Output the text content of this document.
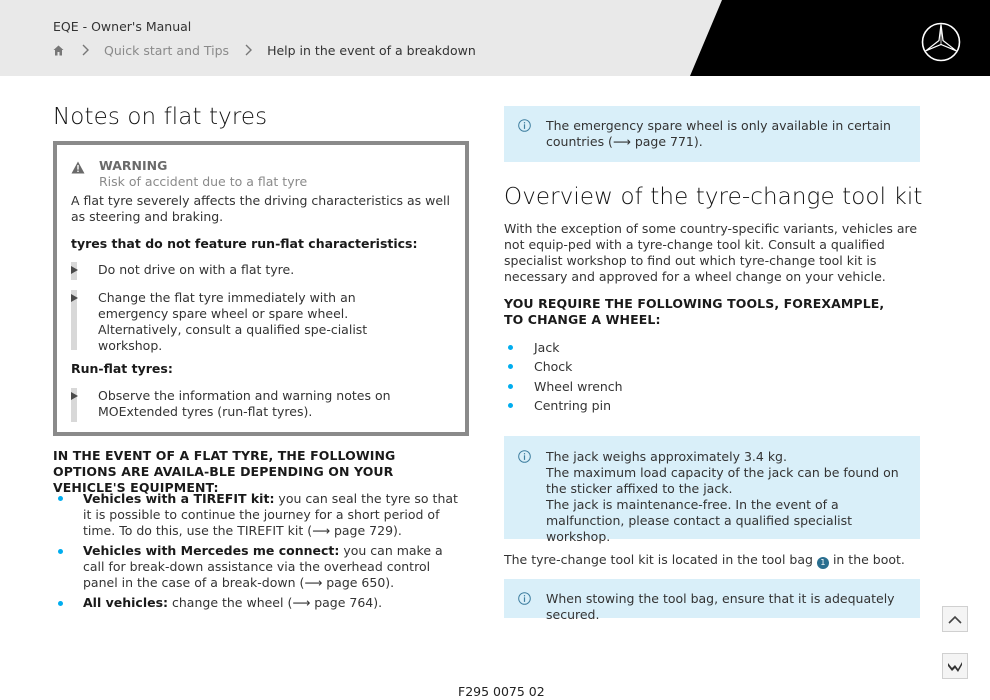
EQE - Owner's Manual
Quick start and Tips	Help in the event of a breakdown
Notes on flat tyres
WARNING
Risk of accident due to a flat tyre
A flat tyre severely affects the driving characteristics as well as steering and braking.
tyres that do not feature run-flat characteristics:
Do not drive on with a flat tyre.
Change the flat tyre immediately with an emergency spare wheel or spare wheel. Alternatively, consult a qualified spe-cialist workshop.
Run-flat tyres:
Observe the information and warning notes on MOExtended tyres (run-flat tyres).
IN THE EVENT OF A FLAT TYRE, THE FOLLOWING OPTIONS ARE AVAILA-BLE DEPENDING ON YOUR VEHICLE'S EQUIPMENT:
Vehicles with a TIREFIT kit: you can seal the tyre so that it is possible to continue the journey for a short period of time. To do this, use the TIREFIT kit (⟶ page 729).
Vehicles with Mercedes me connect: you can make a call for break-down assistance via the overhead control panel in the case of a break-down (⟶ page 650).
All vehicles: change the wheel (⟶ page 764).
The emergency spare wheel is only available in certain countries (⟶ page 771).
Overview of the tyre-change tool kit
With the exception of some country-specific variants, vehicles are not equip-ped with a tyre-change tool kit. Consult a qualified specialist workshop to find out which tyre-change tool kit is necessary and approved for a wheel change on your vehicle.
YOU REQUIRE THE FOLLOWING TOOLS, FOREXAMPLE, TO CHANGE A WHEEL:
Jack
Chock
Wheel wrench
Centring pin
The jack weighs approximately 3.4 kg.
The maximum load capacity of the jack can be found on the sticker affixed to the jack.
The jack is maintenance-free. In the event of a malfunction, please contact a qualified specialist workshop.
The tyre-change tool kit is located in the tool bag 1 in the boot.
When stowing the tool bag, ensure that it is adequately secured.
F295 0075 02
